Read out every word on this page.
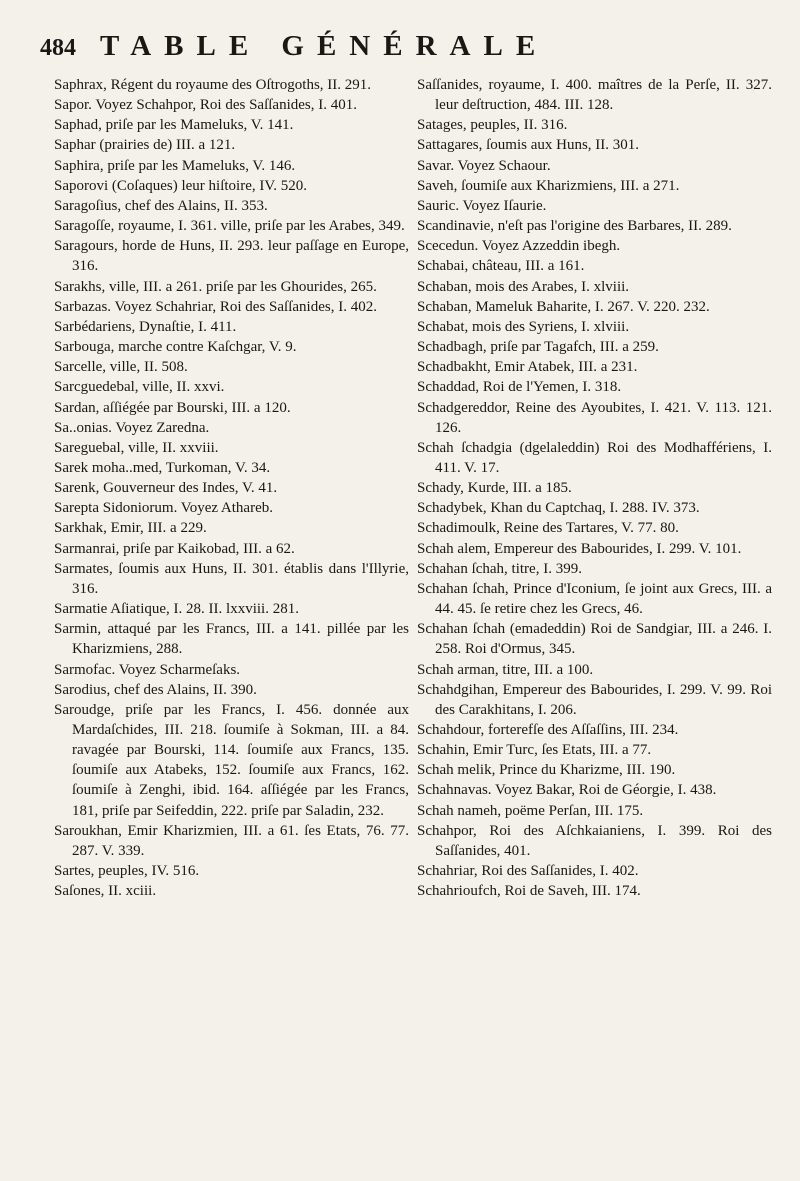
484 TABLE GÉNÉRALE

Saphrax, Régent du royaume des Oſtrogoths, II. 291.

Sapor. Voyez Schahpor, Roi des Saſſanides, I. 401.

Saphad, priſe par les Mameluks, V. 141.

Saphar (prairies de) III. a 121.

Saphira, priſe par les Mameluks, V. 146.

Saporovi (Coſaques) leur hiſtoire, IV. 520.

Saragoſius, chef des Alains, II. 353.

Saragoſſe, royaume, I. 361. ville, priſe par les Arabes, 349.

Saragours, horde de Huns, II. 293. leur paſſage en Europe, 316.

Sarakhs, ville, III. a 261. priſe par les Ghourides, 265.

Sarbazas. Voyez Schahriar, Roi des Saſſanides, I. 402.

Sarbédariens, Dynaſtie, I. 411.

Sarbouga, marche contre Kaſchgar, V. 9.

Sarcelle, ville, II. 508.

Sarcguedebal, ville, II. xxvi.

Sardan, aſſiégée par Bourski, III. a 120.

Sa..onias. Voyez Zaredna.

Sareguebal, ville, II. xxviii.

Sarek moha..med, Turkoman, V. 34.

Sarenk, Gouverneur des Indes, V. 41.

Sarepta Sidoniorum. Voyez Athareb.

Sarkhak, Emir, III. a 229.

Sarmanrai, priſe par Kaikobad, III. a 62.

Sarmates, ſoumis aux Huns, II. 301. établis dans l'Illyrie, 316.

Sarmatie Aſiatique, I. 28. II. lxxviii. 281.

Sarmin, attaqué par les Francs, III. a 141. pillée par les Kharizmiens, 288.

Sarmofac. Voyez Scharmeſaks.

Sarodius, chef des Alains, II. 390.

Saroudge, priſe par les Francs, I. 456. donnée aux Mardaſchides, III. 218. ſoumiſe à Sokman, III. a 84. ravagée par Bourski, 114. ſoumiſe aux Francs, 135. ſoumiſe aux Atabeks, 152. ſoumiſe aux Francs, 162. ſoumiſe à Zenghi, ibid. 164. aſſiégée par les Francs, 181, priſe par Seifeddin, 222. priſe par Saladin, 232.

Saroukhan, Emir Kharizmien, III. a 61. ſes Etats, 76. 77. 287. V. 339.

Sartes, peuples, IV. 516.

Saſones, II. xciii.

Saſſanides, royaume, I. 400. maîtres de la Perſe, II. 327. leur deſtruction, 484. III. 128.

Satages, peuples, II. 316.

Sattagares, ſoumis aux Huns, II. 301.

Savar. Voyez Schaour.

Saveh, ſoumiſe aux Kharizmiens, III. a 271.

Sauric. Voyez Iſaurie.

Scandinavie, n'eſt pas l'origine des Barbares, II. 289.

Scecedun. Voyez Azzeddin ibegh.

Schabai, château, III. a 161.

Schaban, mois des Arabes, I. xlviii.

Schaban, Mameluk Baharite, I. 267. V. 220. 232.

Schabat, mois des Syriens, I. xlviii.

Schadbagh, priſe par Tagafch, III. a 259.

Schadbakht, Emir Atabek, III. a 231.

Schaddad, Roi de l'Yemen, I. 318.

Schadgereddor, Reine des Ayoubites, I. 421. V. 113. 121. 126.

Schah ſchadgia (dgelaleddin) Roi des Modhaffériens, I. 411. V. 17.

Schady, Kurde, III. a 185.

Schadybek, Khan du Captchaq, I. 288. IV. 373.

Schadimoulk, Reine des Tartares, V. 77. 80.

Schah alem, Empereur des Babourides, I. 299. V. 101.

Schahan ſchah, titre, I. 399.

Schahan ſchah, Prince d'Iconium, ſe joint aux Grecs, III. a 44. 45. ſe retire chez les Grecs, 46.

Schahan ſchah (emadeddin) Roi de Sandgiar, III. a 246. I. 258. Roi d'Ormus, 345.

Schah arman, titre, III. a 100.

Schahdgihan, Empereur des Babourides, I. 299. V. 99. Roi des Carakhitans, I. 206.

Schahdour, forterefſe des Aſſaſſins, III. 234.

Schahin, Emir Turc, ſes Etats, III. a 77.

Schah melik, Prince du Kharizme, III. 190.

Schahnavas. Voyez Bakar, Roi de Géorgie, I. 438.

Schah nameh, poëme Perſan, III. 175.

Schahpor, Roi des Aſchkaianiens, I. 399. Roi des Saſſanides, 401.

Schahriar, Roi des Saſſanides, I. 402.

Schahrioufch, Roi de Saveh, III. 174.
